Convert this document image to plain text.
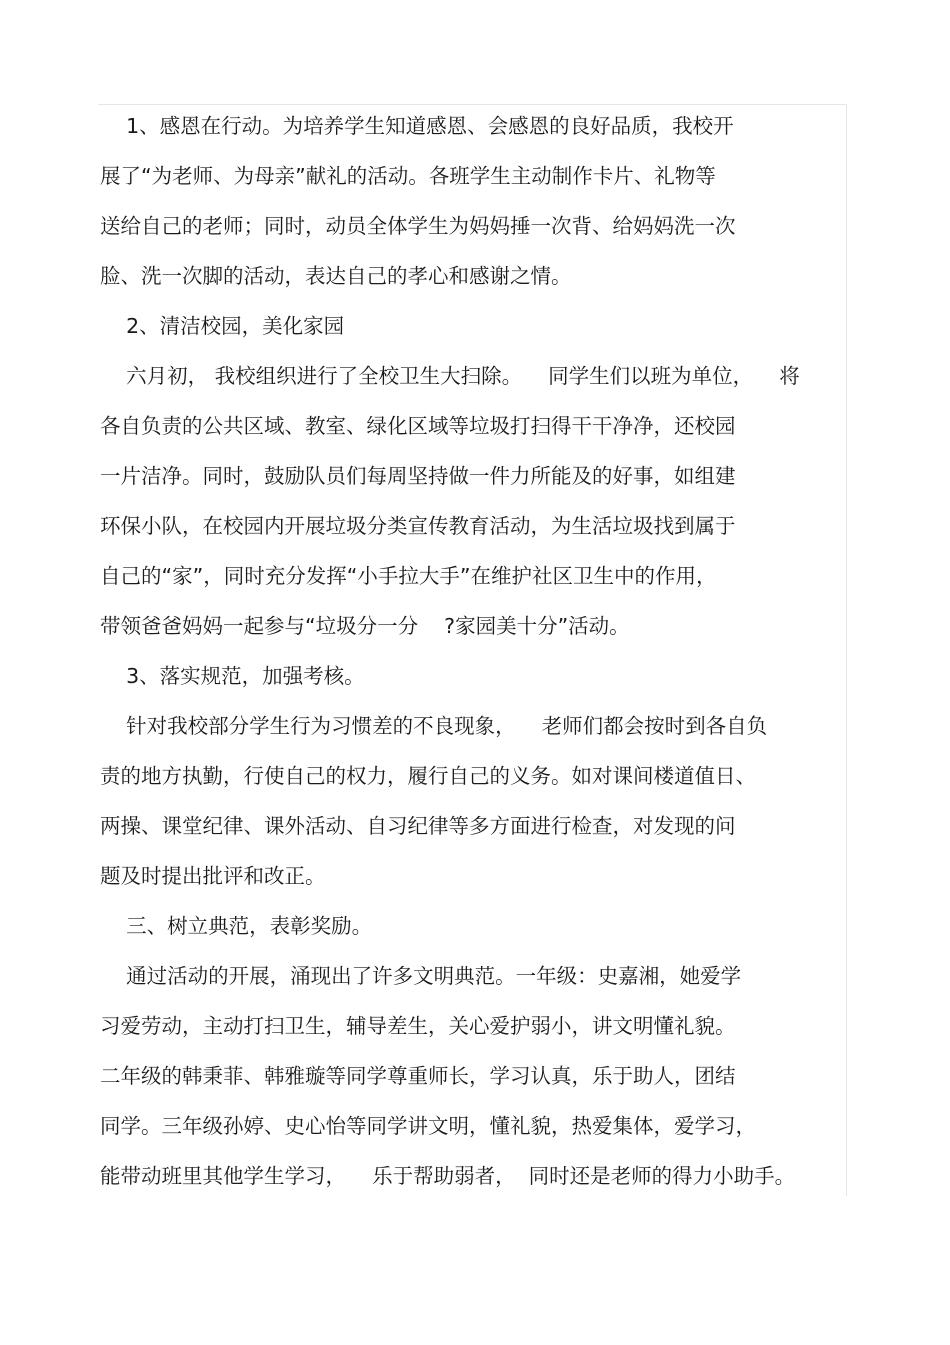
1、感恩在行动。为培养学生知道感恩、会感恩的良好品质，我校开

展了“为老师、为母亲”献礼的活动。各班学生主动制作卡片、礼物等

送给自己的老师；同时，动员全体学生为妈妈捶一次背、给妈妈洗一次

脸、洗一次脚的活动，表达自己的孝心和感谢之情。

2、清洁校园，美化家园

六月初， 我校组织进行了全校卫生大扫除。    同学生们以班为单位，    将

各自负责的公共区域、教室、绿化区域等垃圾打扫得干干净净，还校园

一片洁净。同时，鼓励队员们每周坚持做一件力所能及的好事，如组建

环保小队，在校园内开展垃圾分类宣传教育活动，为生活垃圾找到属于

自己的“家”，同时充分发挥“小手拉大手”在维护社区卫生中的作用，

带领爸爸妈妈一起参与“垃圾分一分    ?家园美十分”活动。

3、落实规范，加强考核。

针对我校部分学生行为习惯差的不良现象，    老师们都会按时到各自负

责的地方执勤，行使自己的权力，履行自己的义务。如对课间楼道值日、

两操、课堂纪律、课外活动、自习纪律等多方面进行检查，对发现的问

题及时提出批评和改正。

三、树立典范，表彰奖励。

通过活动的开展，涌现出了许多文明典范。一年级：史嘉湘，她爱学

习爱劳动，主动打扫卫生，辅导差生，关心爱护弱小，讲文明懂礼貌。

二年级的韩秉菲、韩雅璇等同学尊重师长，学习认真，乐于助人，团结

同学。三年级孙婷、史心怡等同学讲文明，懂礼貌，热爱集体，爱学习，

能带动班里其他学生学习，    乐于帮助弱者，  同时还是老师的得力小助手。
